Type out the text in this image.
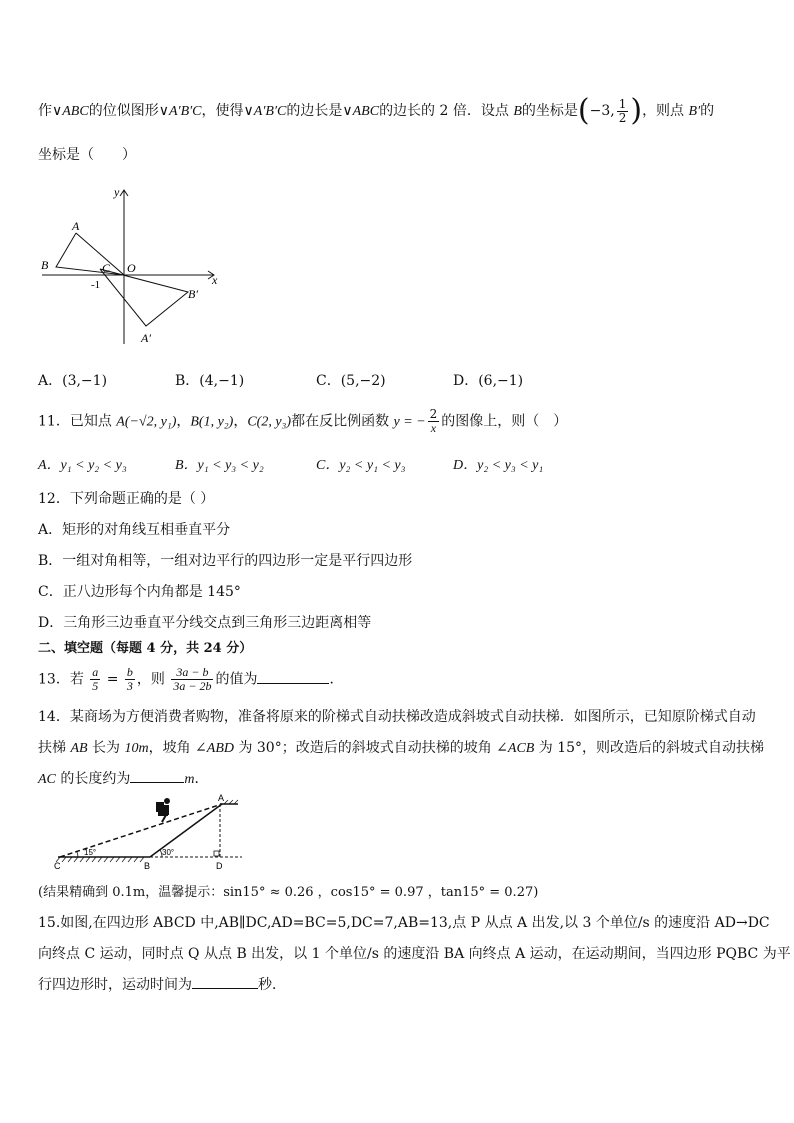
作∨ABC的位似图形∨A′B′C，使得∨A′B′C的边长是∨ABC的边长的 2 倍．设点 B的坐标是(−3, $\frac{1}{2}$ )，则点 B′的
坐标是（　　）
y
x
A
B	C O
B′
A′
-1
A．(3,−1)	B．(4,−1)	C．(5,−2)	D．(6,−1)
11．已知点 A(−√2, y₁)，B(1, y₂)，C(2, y₃)都在反比例函数 y = − $\frac{2}{x}$ 的图像上，则（　）
A．y₁ < y₂ < y₃	B．y₁ < y₃ < y₂	C．y₂ < y₁ < y₃	D．y₂ < y₃ < y₁
12．下列命题正确的是（ ）
A．矩形的对角线互相垂直平分
B．一组对角相等，一组对边平行的四边形一定是平行四边形
C．正八边形每个内角都是 145°
D．三角形三边垂直平分线交点到三角形三边距离相等
二、填空题（每题 4 分，共 24 分）
13．若 $\frac{a}{5} = \frac{b}{3}$ ，则 $\frac{3a - b}{3a - 2b}$ 的值为	．
14．某商场为方便消费者购物，准备将原来的阶梯式自动扶梯改造成斜坡式自动扶梯．如图所示，已知原阶梯式自动
扶梯 AB 长为 10m，坡角 ∠ABD 为 30°；改造后的斜坡式自动扶梯的坡角 ∠ACB 为 15°，则改造后的斜坡式自动扶梯
AC 的长度约为	m．
A
B
C	D
15°	30°
(结果精确到 0.1m，温馨提示：sin15° ≈ 0.26 ，cos15° = 0.97 ，tan15° = 0.27)
15.如图,在四边形 ABCD 中,AB∥DC,AD=BC=5,DC=7,AB=13,点 P 从点 A 出发,以 3 个单位/s 的速度沿 AD→DC
向终点 C 运动，同时点 Q 从点 B 出发，以 1 个单位/s 的速度沿 BA 向终点 A 运动，在运动期间，当四边形 PQBC 为平
行四边形时，运动时间为	秒．
